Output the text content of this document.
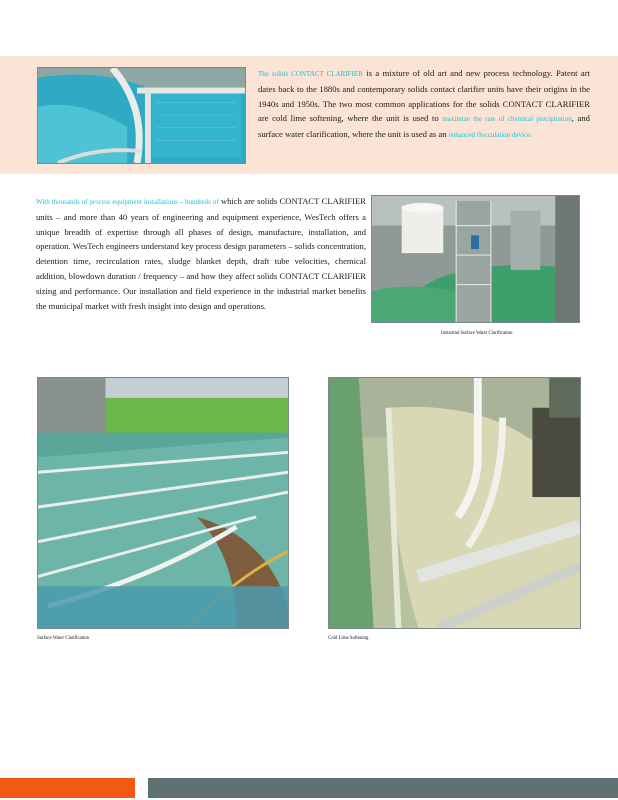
The solids CONTACT CLARIFIER is a mixture of old art and new process technology. Patent art dates back to the 1880s and contemporary solids contact clarifier units have their origins in the 1940s and 1950s. The two most common applications for the solids CONTACT CLARIFIER are cold lime softening, where the unit is used to maximize the rate of chemical precipitation, and surface water clarification, where the unit is used as an enhanced flocculation device.

With thousands of process equipment installations – hundreds of which are solids CONTACT CLARIFIER units – and more than 40 years of engineering and equipment experience, WesTech offers a unique breadth of expertise through all phases of design, manufacture, installation, and operation. WesTech engineers understand key process design parameters – solids concentration, detention time, recirculation rates, sludge blanket depth, draft tube velocities, chemical addition, blowdown duration / frequency – and how they affect solids CONTACT CLARIFIER sizing and performance. Our installation and field experience in the industrial market benefits the municipal market with fresh insight into design and operations.

Industrial Surface Water Clarification
Surface Water Clarification	Cold Lime Softening
